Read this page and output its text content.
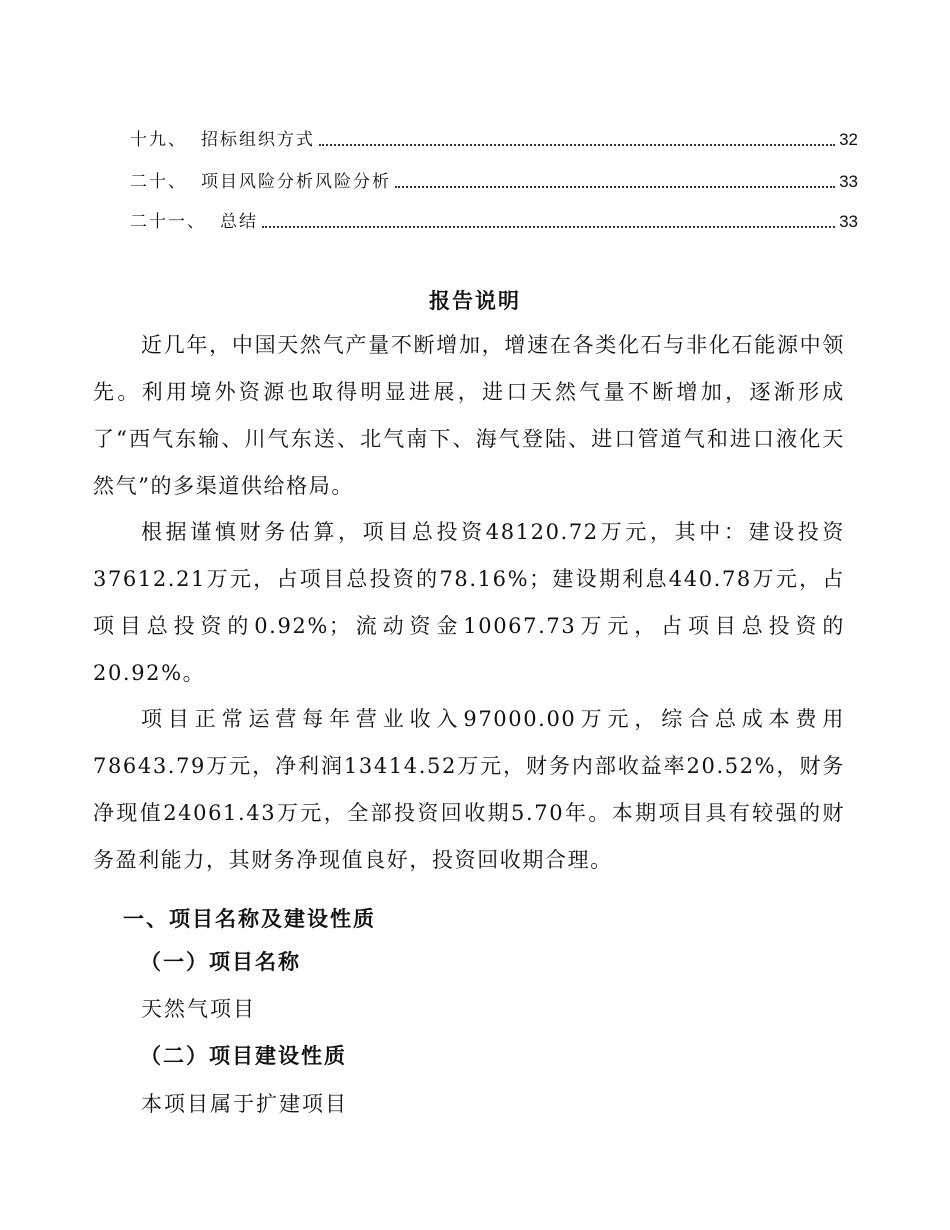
十九、 招标组织方式	32
二十、 项目风险分析风险分析	33
二十一、 总结	33
报告说明

近几年，中国天然气产量不断增加，增速在各类化石与非化石能源中领先。利用境外资源也取得明显进展，进口天然气量不断增加，逐渐形成了“西气东输、川气东送、北气南下、海气登陆、进口管道气和进口液化天然气”的多渠道供给格局。

根据谨慎财务估算，项目总投资48120.72万元，其中：建设投资37612.21万元，占项目总投资的78.16%；建设期利息440.78万元，占项目总投资的0.92%；流动资金10067.73万元，占项目总投资的20.92%。

项目正常运营每年营业收入97000.00万元，综合总成本费用78643.79万元，净利润13414.52万元，财务内部收益率20.52%，财务净现值24061.43万元，全部投资回收期5.70年。本期项目具有较强的财务盈利能力，其财务净现值良好，投资回收期合理。

一、项目名称及建设性质
（一）项目名称
天然气项目
（二）项目建设性质
本项目属于扩建项目
